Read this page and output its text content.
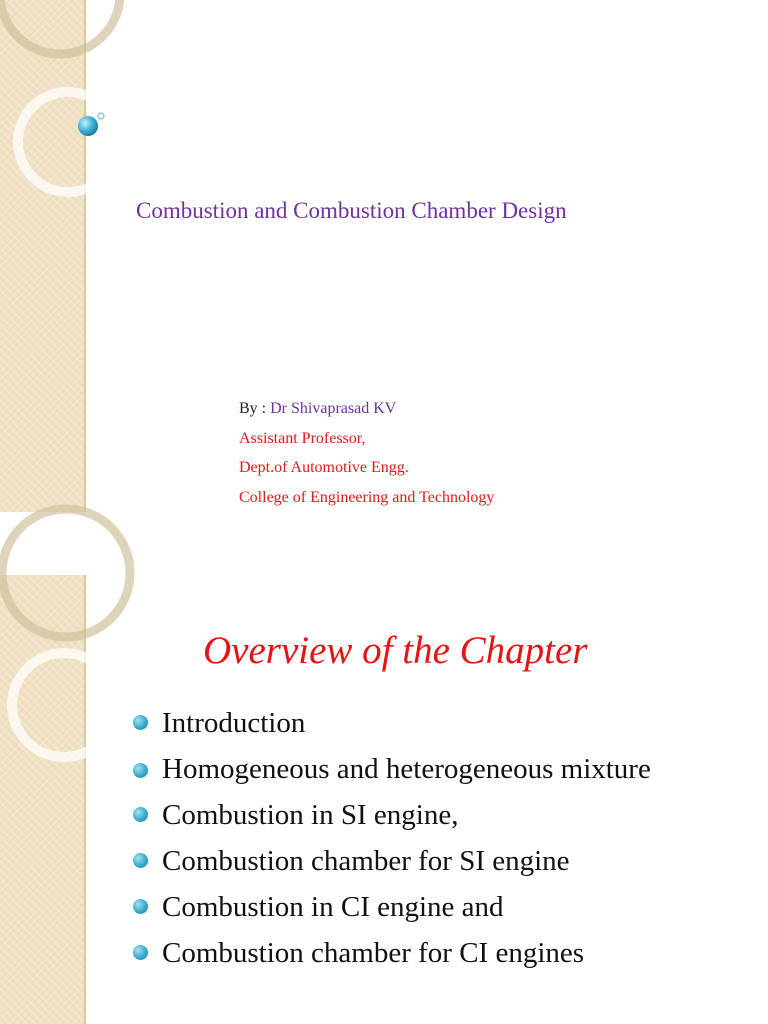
Combustion and Combustion Chamber Design
By : Dr Shivaprasad KV
Assistant Professor,
Dept.of Automotive Engg.
College of Engineering and Technology
Overview of the Chapter
Introduction
Homogeneous and heterogeneous mixture
Combustion in SI engine,
Combustion chamber for SI engine
Combustion in CI engine and
Combustion chamber for CI engines
